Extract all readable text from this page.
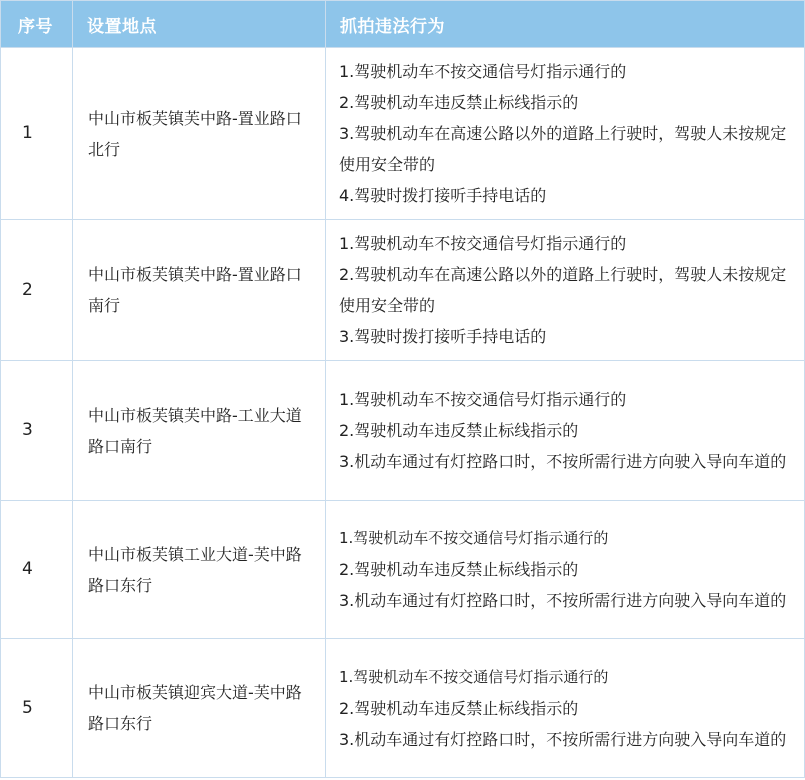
序号	设置地点	抓拍违法行为
1	中山市板芙镇芙中路-置业路口北行	1.驾驶机动车不按交通信号灯指示通行的
2.驾驶机动车违反禁止标线指示的
3.驾驶机动车在高速公路以外的道路上行驶时，驾驶人未按规定使用安全带的
4.驾驶时拨打接听手持电话的

2	中山市板芙镇芙中路-置业路口南行	1.驾驶机动车不按交通信号灯指示通行的
2.驾驶机动车在高速公路以外的道路上行驶时，驾驶人未按规定使用安全带的
3.驾驶时拨打接听手持电话的

3	中山市板芙镇芙中路-工业大道路口南行	1.驾驶机动车不按交通信号灯指示通行的
2.驾驶机动车违反禁止标线指示的
3.机动车通过有灯控路口时，不按所需行进方向驶入导向车道的

4	中山市板芙镇工业大道-芙中路路口东行	1.驾驶机动车不按交通信号灯指示通行的
2.驾驶机动车违反禁止标线指示的
3.机动车通过有灯控路口时，不按所需行进方向驶入导向车道的

5	中山市板芙镇迎宾大道-芙中路路口东行	1.驾驶机动车不按交通信号灯指示通行的
2.驾驶机动车违反禁止标线指示的
3.机动车通过有灯控路口时，不按所需行进方向驶入导向车道的
